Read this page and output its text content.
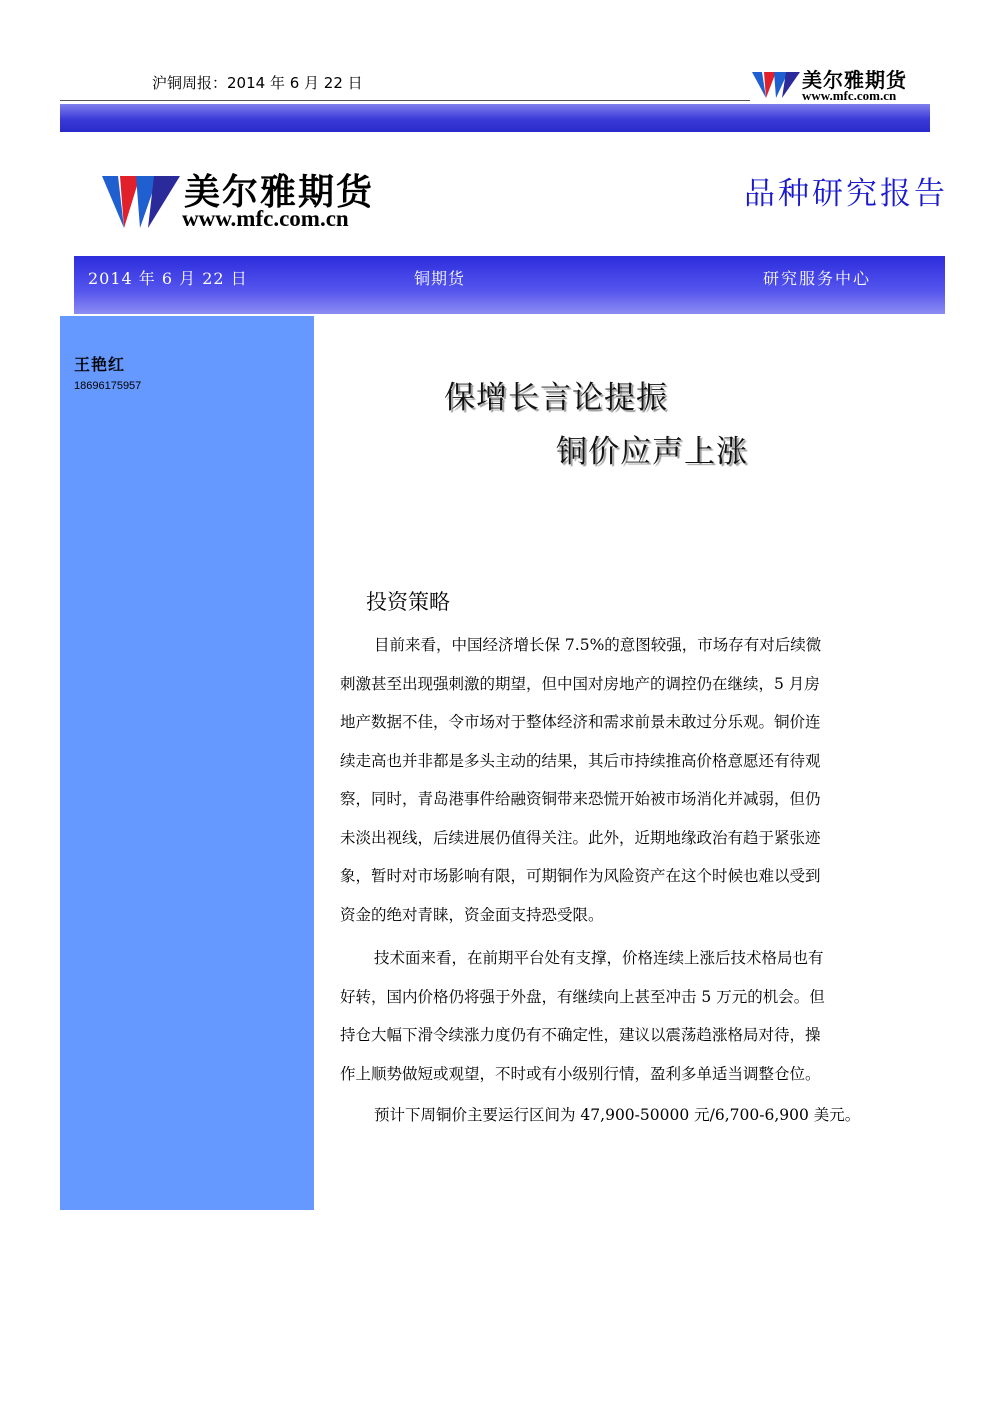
沪铜周报：2014 年 6 月 22 日	美尔雅期货
www.mfc.com.cn
美尔雅期货
www.mfc.com.cn
品种研究报告
2014 年 6 月 22 日	铜期货	研究服务中心
王艳红
18696175957	保增长言论提振
铜价应声上涨
投资策略
目前来看，中国经济增长保 7.5%的意图较强，市场存有对后续微
刺激甚至出现强刺激的期望，但中国对房地产的调控仍在继续，5 月房
地产数据不佳，令市场对于整体经济和需求前景未敢过分乐观。铜价连
续走高也并非都是多头主动的结果，其后市持续推高价格意愿还有待观
察，同时，青岛港事件给融资铜带来恐慌开始被市场消化并减弱，但仍
未淡出视线，后续进展仍值得关注。此外，近期地缘政治有趋于紧张迹
象，暂时对市场影响有限，可期铜作为风险资产在这个时候也难以受到
资金的绝对青睐，资金面支持恐受限。
技术面来看，在前期平台处有支撑，价格连续上涨后技术格局也有
好转，国内价格仍将强于外盘，有继续向上甚至冲击 5 万元的机会。但
持仓大幅下滑令续涨力度仍有不确定性，建议以震荡趋涨格局对待，操
作上顺势做短或观望，不时或有小级别行情，盈利多单适当调整仓位。
预计下周铜价主要运行区间为 47,900-50000 元/6,700-6,900 美元。
